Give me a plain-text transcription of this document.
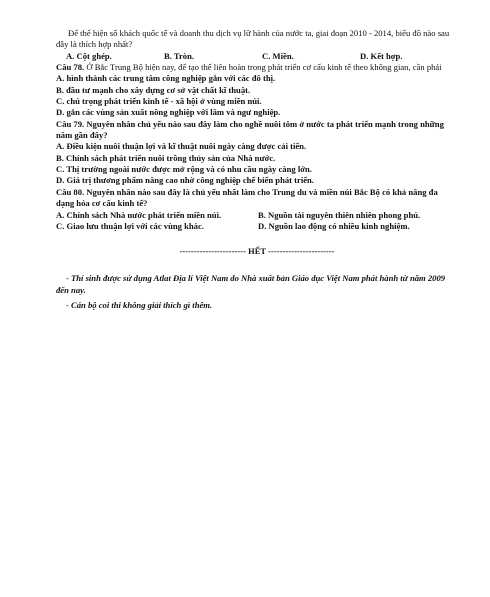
Để thể hiện số khách quốc tế và doanh thu dịch vụ lữ hành của nước ta, giai đoạn 2010 - 2014, biểu đồ nào sau đây là thích hợp nhất?

A. Cột ghép.	B. Tròn.	C. Miền.	D. Kết hợp.

Câu 78. Ở Bắc Trung Bộ hiện nay, để tạo thế liên hoàn trong phát triển cơ cấu kinh tế theo không gian, cần phải

A. hình thành các trung tâm công nghiệp gắn với các đô thị.

B. đầu tư mạnh cho xây dựng cơ sở vật chất kĩ thuật.

C. chú trọng phát triển kinh tế - xã hội ở vùng miền núi.

D. gắn các vùng sản xuất nông nghiệp với lâm và ngư nghiệp.

Câu 79. Nguyên nhân chủ yếu nào sau đây làm cho nghề nuôi tôm ở nước ta phát triển mạnh trong những năm gần đây?

A. Điều kiện nuôi thuận lợi và kĩ thuật nuôi ngày càng được cải tiến.

B. Chính sách phát triển nuôi trồng thủy sản của Nhà nước.

C. Thị trường ngoài nước được mở rộng và có nhu cầu ngày càng lớn.

D. Giá trị thương phẩm nâng cao nhờ công nghiệp chế biến phát triển.

Câu 80. Nguyên nhân nào sau đây là chủ yếu nhất làm cho Trung du và miền núi Bắc Bộ có khả năng đa dạng hóa cơ cấu kinh tế?

A. Chính sách Nhà nước phát triển miền núi.	B. Nguồn tài nguyên thiên nhiên phong phú.
C. Giao lưu thuận lợi với các vùng khác.	D. Nguồn lao động có nhiều kinh nghiệm.
----------------------- HẾT -----------------------

- Thí sinh được sử dụng Atlat Địa lí Việt Nam do Nhà xuất bản Giáo dục Việt Nam phát hành từ năm 2009 đến nay.

- Cán bộ coi thi không giải thích gì thêm.
